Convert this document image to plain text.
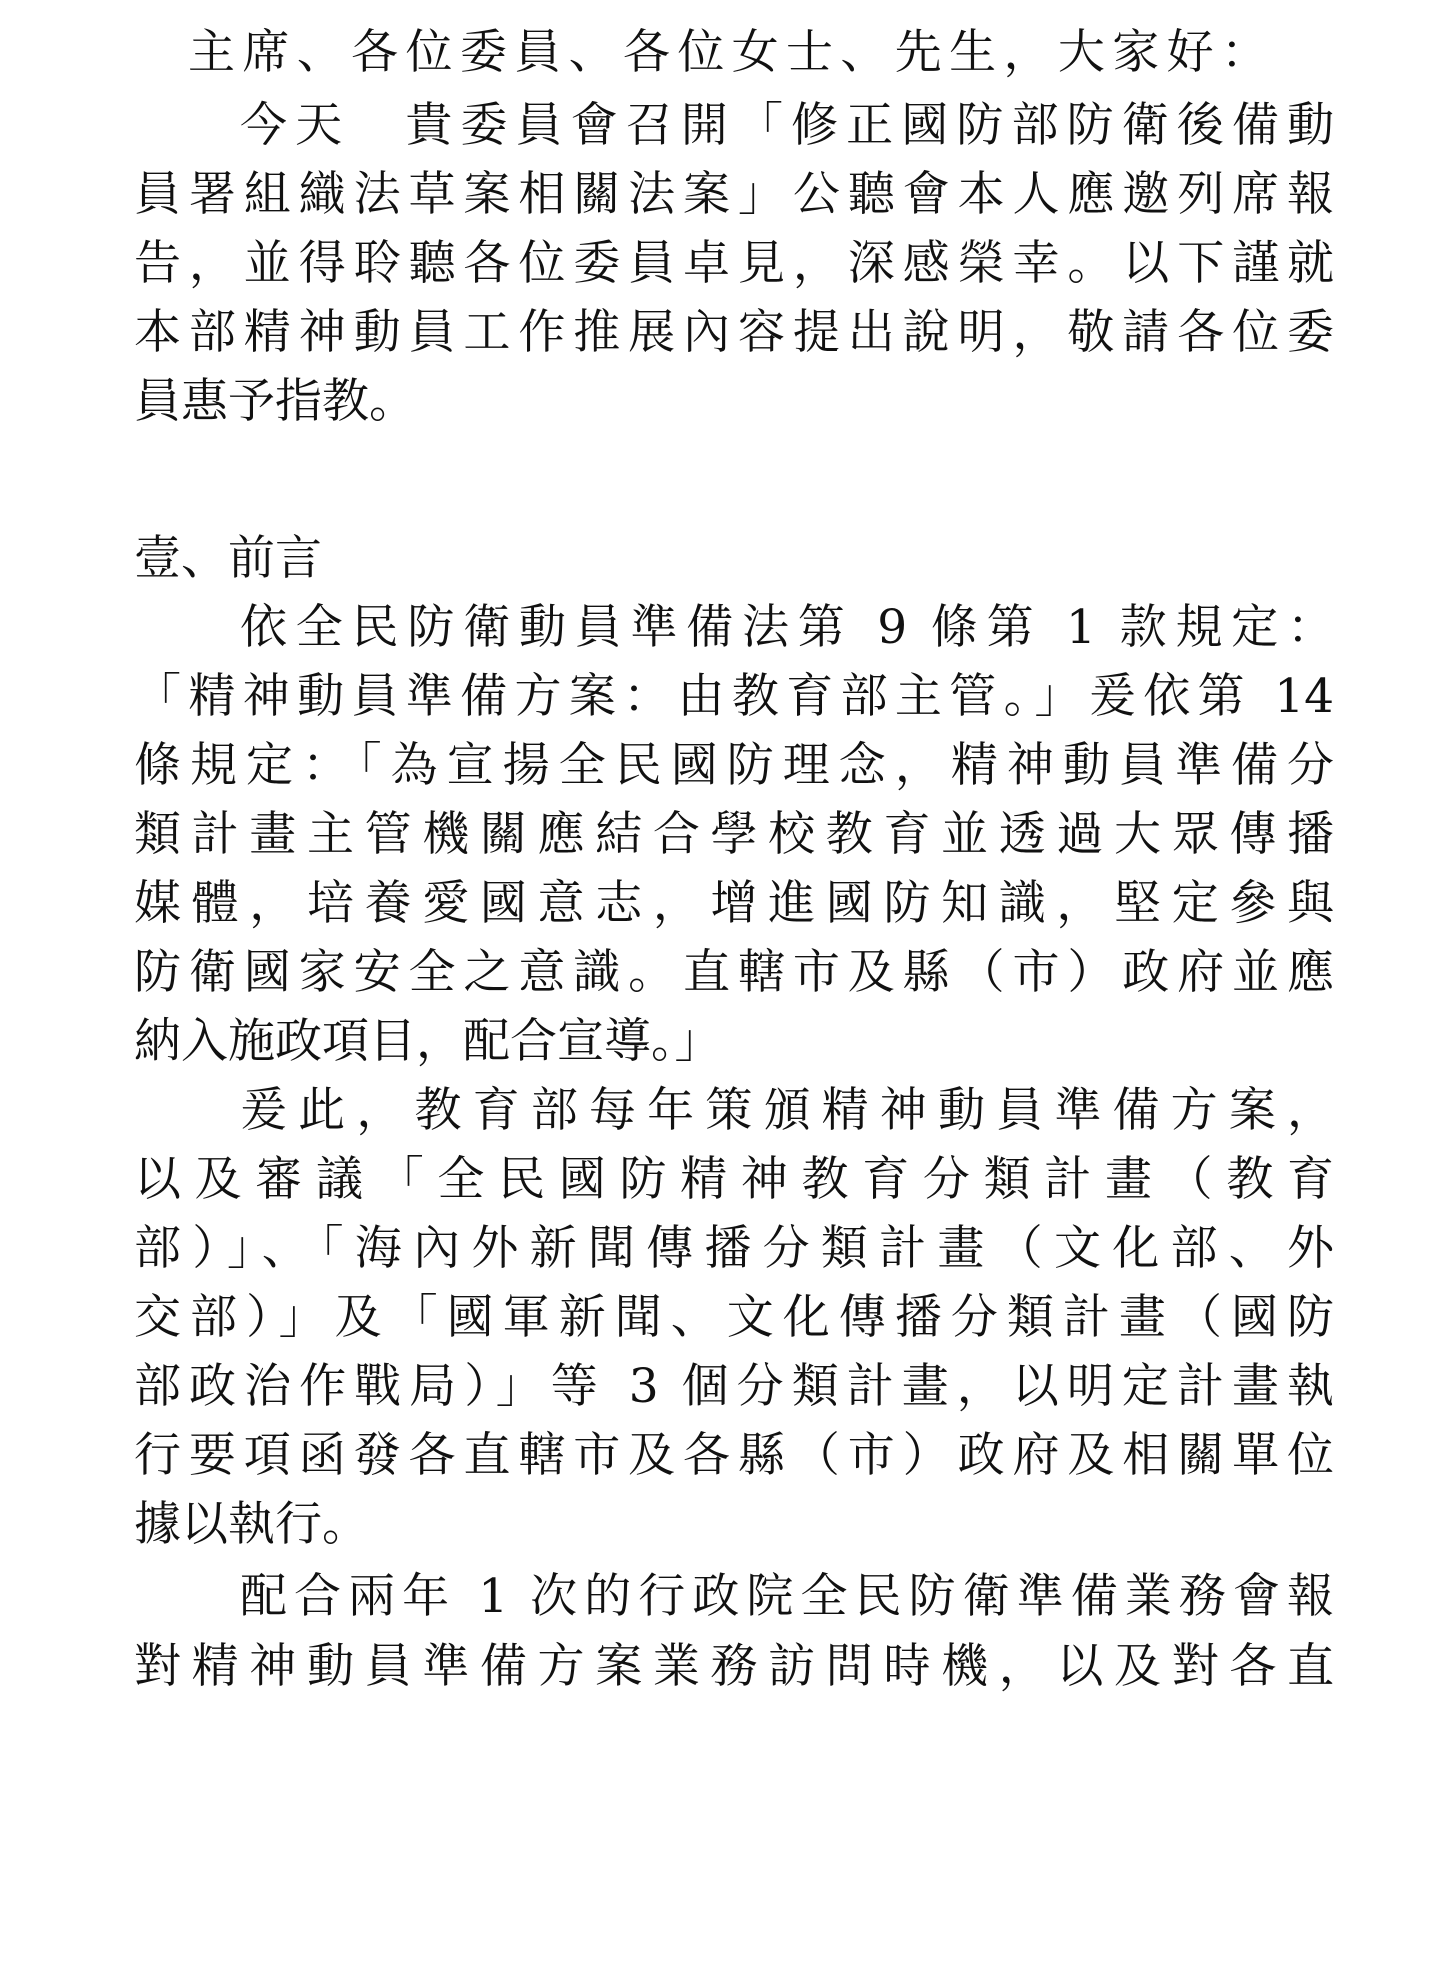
主席、各位委員、各位女士、先生，大家好：
今天　貴委員會召開「修正國防部防衛後備動
員署組織法草案相關法案」公聽會本人應邀列席報
告，並得聆聽各位委員卓見，深感榮幸。以下謹就
本部精神動員工作推展內容提出說明，敬請各位委
員惠予指教。
壹、前言
依全民防衛動員準備法第 9 條第 1 款規定：
「精神動員準備方案：由教育部主管。」爰依第 14
條規定：「為宣揚全民國防理念，精神動員準備分
類計畫主管機關應結合學校教育並透過大眾傳播
媒體，培養愛國意志，增進國防知識，堅定參與
防衛國家安全之意識。直轄市及縣（市）政府並應
納入施政項目，配合宣導。」
爰此，教育部每年策頒精神動員準備方案，
以及審議「全民國防精神教育分類計畫（教育
部）」、「海內外新聞傳播分類計畫（文化部、外
交部）」及「國軍新聞、文化傳播分類計畫（國防
部政治作戰局）」等 3 個分類計畫，以明定計畫執
行要項函發各直轄市及各縣（市）政府及相關單位
據以執行。
配合兩年 1 次的行政院全民防衛準備業務會報
對精神動員準備方案業務訪問時機，以及對各直
